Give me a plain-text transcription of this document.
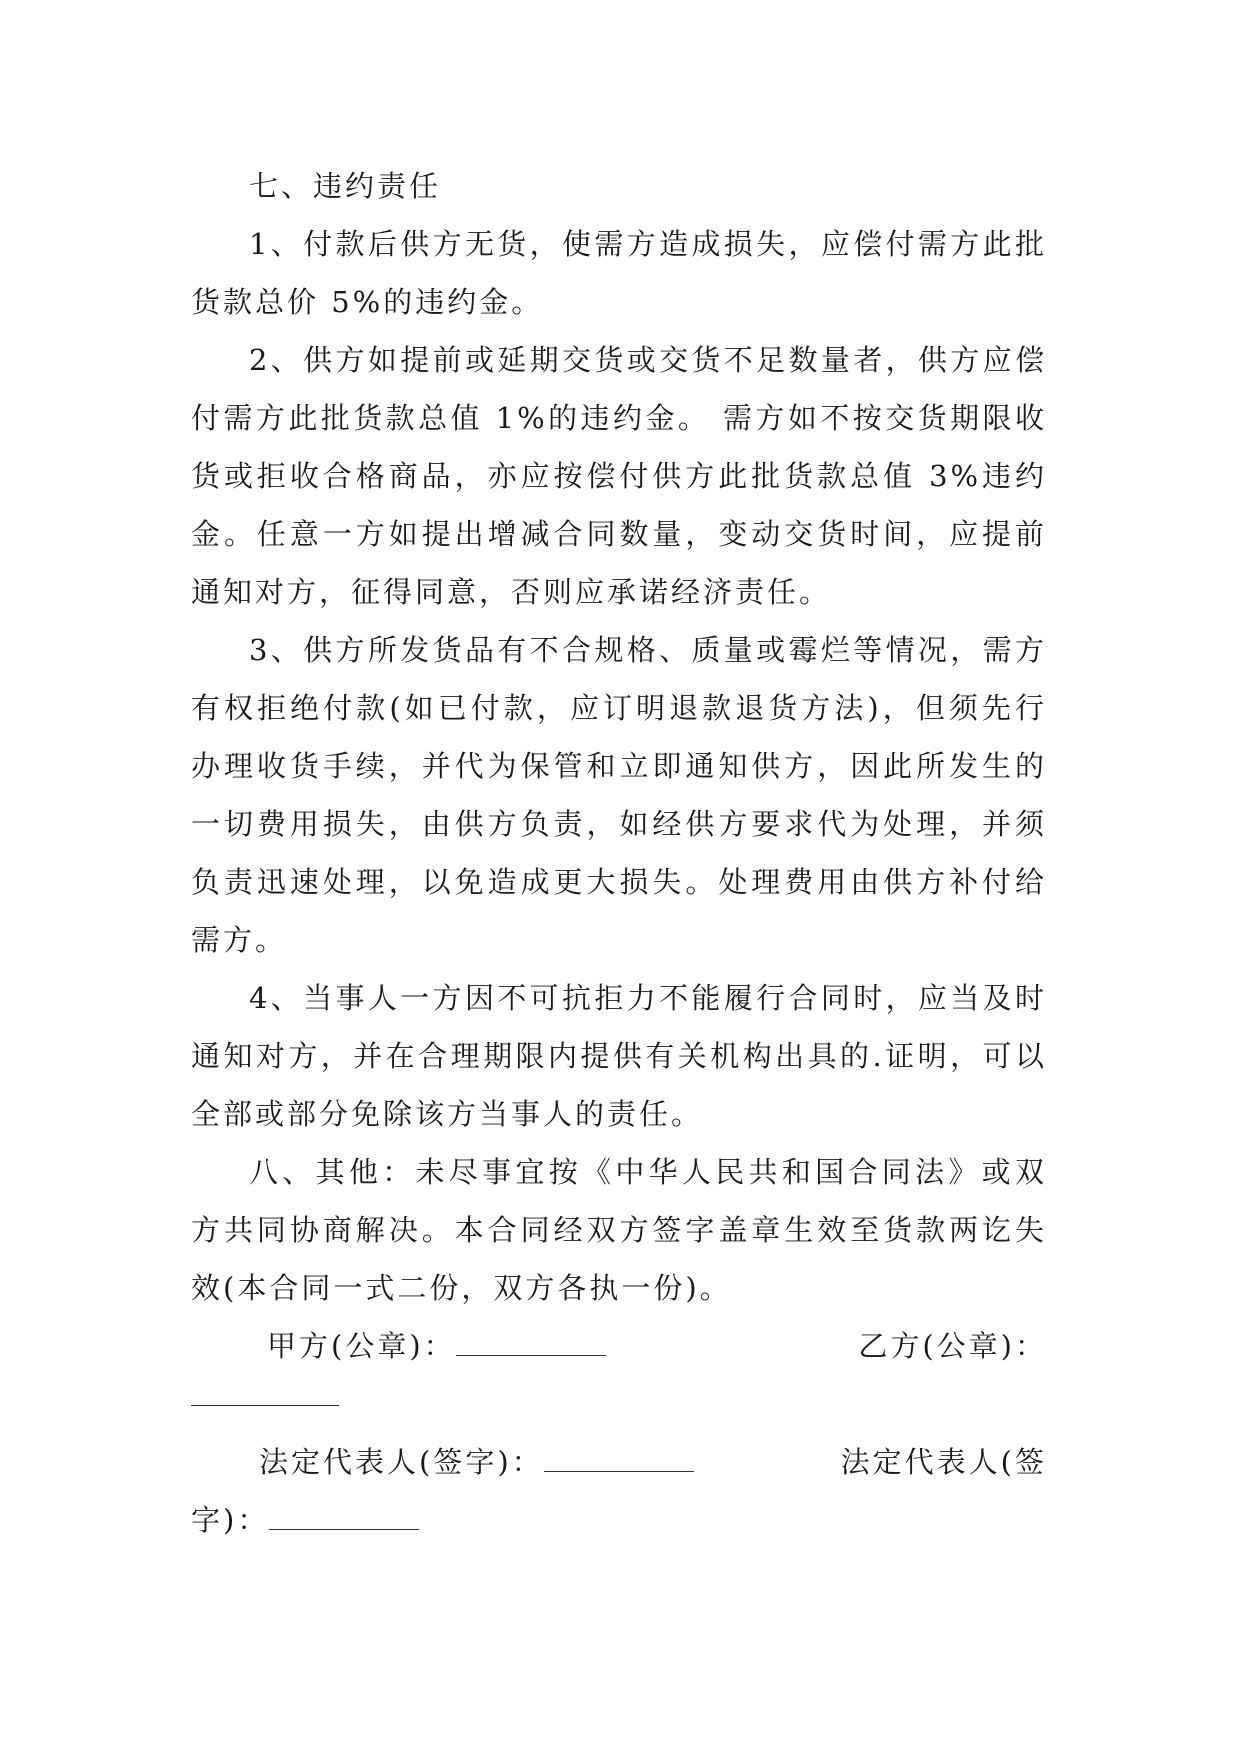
七、违约责任

1、付款后供方无货，使需方造成损失，应偿付需方此批货款总价 5%的违约金。

2、供方如提前或延期交货或交货不足数量者，供方应偿付需方此批货款总值 1%的违约金。 需方如不按交货期限收货或拒收合格商品，亦应按偿付供方此批货款总值 3%违约金。任意一方如提出增减合同数量，变动交货时间，应提前通知对方，征得同意，否则应承诺经济责任。

3、供方所发货品有不合规格、质量或霉烂等情况，需方有权拒绝付款(如已付款，应订明退款退货方法)，但须先行办理收货手续，并代为保管和立即通知供方，因此所发生的一切费用损失，由供方负责，如经供方要求代为处理，并须负责迅速处理，以免造成更大损失。处理费用由供方补付给 需方。

4、当事人一方因不可抗拒力不能履行合同时，应当及时通知对方，并在合理期限内提供有关机构出具的.证明，可以全部或部分免除该方当事人的责任。

八、其他：未尽事宜按《中华人民共和国合同法》或双方共同协商解决。本合同经双方签字盖章生效至货款两讫失效(本合同一式二份，双方各执一份)。

甲方(公章)：	乙方(公章)：
法定代表人(签字)：	法定代表人(签
字)：
